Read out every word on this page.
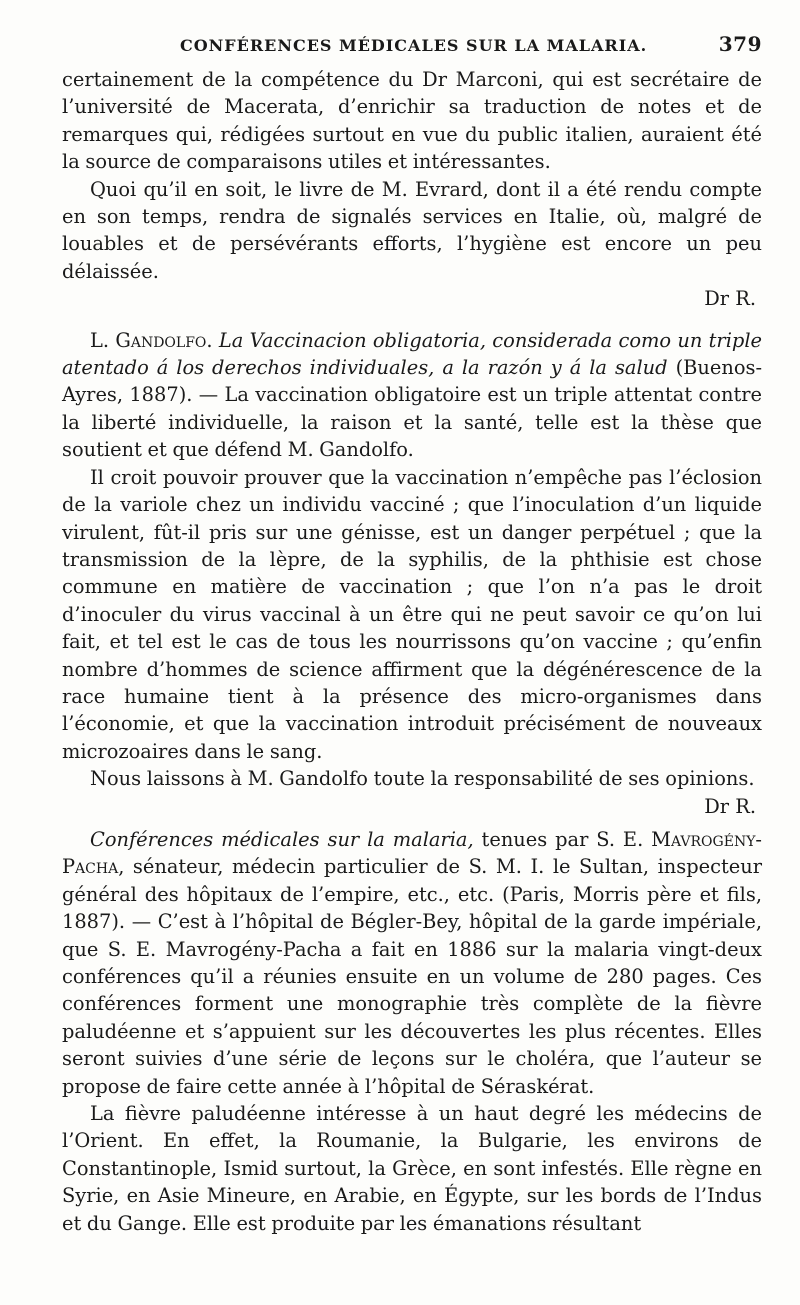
CONFÉRENCES MÉDICALES SUR LA MALARIA.	379

certainement de la compétence du Dr Marconi, qui est secrétaire de l’université de Macerata, d’enrichir sa traduction de notes et de remarques qui, rédigées surtout en vue du public italien, auraient été la source de comparaisons utiles et intéressantes.

Quoi qu’il en soit, le livre de M. Evrard, dont il a été rendu compte en son temps, rendra de signalés services en Italie, où, malgré de louables et de persévérants efforts, l’hygiène est encore un peu délaissée.

Dr R.

L. Gandolfo. La Vaccinacion obligatoria, considerada como un triple atentado á los derechos individuales, a la razón y á la salud (Buenos-Ayres, 1887). — La vaccination obligatoire est un triple attentat contre la liberté individuelle, la raison et la santé, telle est la thèse que soutient et que défend M. Gandolfo.

Il croit pouvoir prouver que la vaccination n’empêche pas l’éclosion de la variole chez un individu vacciné ; que l’inoculation d’un liquide virulent, fût-il pris sur une génisse, est un danger perpétuel ; que la transmission de la lèpre, de la syphilis, de la phthisie est chose commune en matière de vaccination ; que l’on n’a pas le droit d’inoculer du virus vaccinal à un être qui ne peut savoir ce qu’on lui fait, et tel est le cas de tous les nourrissons qu’on vaccine ; qu’enfin nombre d’hommes de science affirment que la dégénérescence de la race humaine tient à la présence des micro-organismes dans l’économie, et que la vaccination introduit précisément de nouveaux microzoaires dans le sang.

Nous laissons à M. Gandolfo toute la responsabilité de ses opinions.

Dr R.

Conférences médicales sur la malaria, tenues par S. E. Mavrogény-Pacha, sénateur, médecin particulier de S. M. I. le Sultan, inspecteur général des hôpitaux de l’empire, etc., etc. (Paris, Morris père et fils, 1887). — C’est à l’hôpital de Bégler-Bey, hôpital de la garde impériale, que S. E. Mavrogény-Pacha a fait en 1886 sur la malaria vingt-deux conférences qu’il a réunies ensuite en un volume de 280 pages. Ces conférences forment une monographie très complète de la fièvre paludéenne et s’appuient sur les découvertes les plus récentes. Elles seront suivies d’une série de leçons sur le choléra, que l’auteur se propose de faire cette année à l’hôpital de Séraskérat.

La fièvre paludéenne intéresse à un haut degré les médecins de l’Orient. En effet, la Roumanie, la Bulgarie, les environs de Constantinople, Ismid surtout, la Grèce, en sont infestés. Elle règne en Syrie, en Asie Mineure, en Arabie, en Égypte, sur les bords de l’Indus et du Gange. Elle est produite par les émanations résultant
